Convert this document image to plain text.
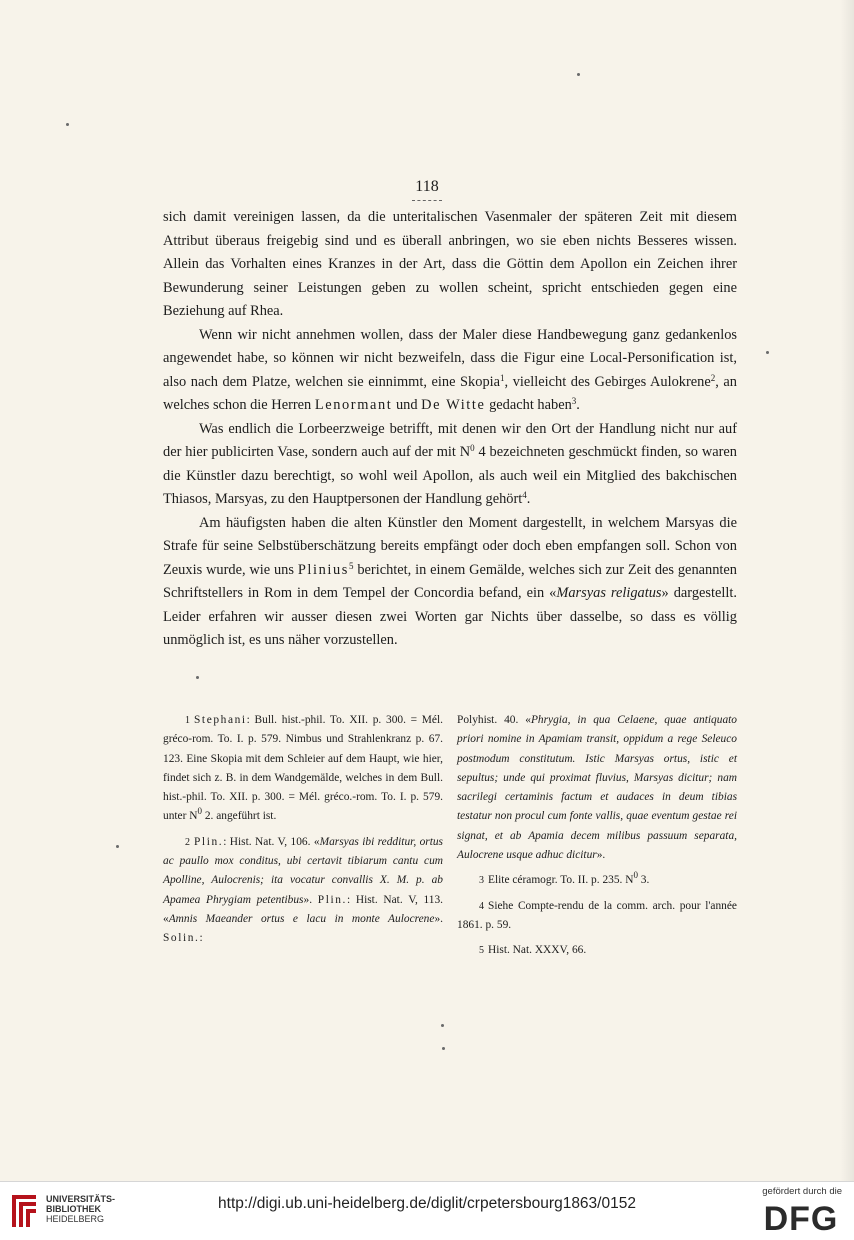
118

sich damit vereinigen lassen, da die unteritalischen Vasenmaler der späteren Zeit mit diesem Attribut überaus freigebig sind und es überall anbringen, wo sie eben nichts Besseres wissen. Allein das Vorhalten eines Kranzes in der Art, dass die Göttin dem Apollon ein Zeichen ihrer Bewunderung seiner Leistungen geben zu wollen scheint, spricht entschieden gegen eine Beziehung auf Rhea.

Wenn wir nicht annehmen wollen, dass der Maler diese Handbewegung ganz gedankenlos angewendet habe, so können wir nicht bezweifeln, dass die Figur eine Local-Personification ist, also nach dem Platze, welchen sie einnimmt, eine Skopia$^1$, vielleicht des Gebirges Aulokrene$^2$, an welches schon die Herren Lenormant und De Witte gedacht haben$^3$.

Was endlich die Lorbeerzweige betrifft, mit denen wir den Ort der Handlung nicht nur auf der hier publicirten Vase, sondern auch auf der mit $N^0$ 4 bezeichneten geschmückt finden, so waren die Künstler dazu berechtigt, so wohl weil Apollon, als auch weil ein Mitglied des bakchischen Thiasos, Marsyas, zu den Hauptpersonen der Handlung gehört$^4$.

Am häufigsten haben die alten Künstler den Moment dargestellt, in welchem Marsyas die Strafe für seine Selbstüberschätzung bereits empfängt oder doch eben empfangen soll. Schon von Zeuxis wurde, wie uns Plinius$^5$ berichtet, in einem Gemälde, welches sich zur Zeit des genannten Schriftstellers in Rom in dem Tempel der Concordia befand, ein «Marsyas religatus» dargestellt. Leider erfahren wir ausser diesen zwei Worten gar Nichts über dasselbe, so dass es völlig unmöglich ist, es uns näher vorzustellen.

1 Stephani: Bull. hist.-phil. To. XII. p. 300. = Mél. gréco-rom. To. I. p. 579. Nimbus und Strahlenkranz p. 67. 123. Eine Skopia mit dem Schleier auf dem Haupt, wie hier, findet sich z. B. in dem Wandgemälde, welches in dem Bull. hist.-phil. To. XII. p. 300. = Mél. gréco.-rom. To. I. p. 579. unter $N^0$ 2. angeführt ist.

2 Plin.: Hist. Nat. V, 106. «Marsyas ibi redditur, ortus ac paullo mox conditus, ubi certavit tibiarum cantu cum Apolline, Aulocrenis; ita vocatur convallis X. M. p. ab Apamea Phrygiam petentibus». Plin.: Hist. Nat. V, 113. «Amnis Maeander ortus e lacu in monte Aulocrene». Solin.:

Polyhist. 40. «Phrygia, in qua Celaene, quae antiquato priori nomine in Apamiam transit, oppidum a rege Seleuco postmodum constitutum. Istic Marsyas ortus, istic et sepultus; unde qui proximat fluvius, Marsyas dicitur; nam sacrilegi certaminis factum et audaces in deum tibias testatur non procul cum fonte vallis, quae eventum gestae rei signat, et ab Apamia decem milibus passuum separata, Aulocrene usque adhuc dicitur».

3 Elite céramogr. To. II. p. 235. $N^0$ 3.

4 Siehe Compte-rendu de la comm. arch. pour l'année 1861. p. 59.

5 Hist. Nat. XXXV, 66.

UNIVERSITÄTS-
BIBLIOTHEK
HEIDELBERG
http://digi.ub.uni-heidelberg.de/diglit/crpetersbourg1863/0152
gefördert durch die
DFG
